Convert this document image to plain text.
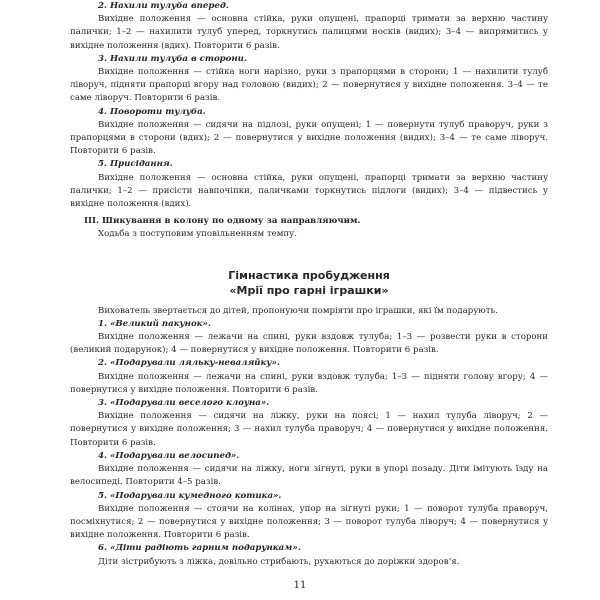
2. Нахили тулуба вперед.

Вихідне положення — основна стійка, руки опущені, прапорці тримати за верхню частину палички; 1–2 — нахилити тулуб уперед, торкнутись палицями носків (видих); 3–4 — випрямитись у вихідне положення (вдих). Повторити 6 разів.

3. Нахили тулуба в сторони.

Вихідне положення — стійка ноги нарізно, руки з прапорцями в сторони; 1 — нахилити тулуб ліворуч, підняти прапорці вгору над головою (видих); 2 — повернутися у вихідне положення. 3–4 — те саме ліворуч. Повторити 6 разів.

4. Повороти тулуба.

Вихідне положення — сидячи на підлозі, руки опущені; 1 — повернути тулуб праворуч, руки з прапорцями в сторони (вдих); 2 — повернутися у вихідне положення (видих); 3–4 — те саме ліворуч. Повторити 6 разів.

5. Присідання.

Вихідне положення — основна стійка, руки опущені, прапорці тримати за верхню частину палички; 1–2 — присісти навпочіпки, паличками торкнутись підлоги (видих); 3–4 — підвестись у вихідне положення (вдих).

III. Шикування в колону по одному за направляючим.

Ходьба з поступовим уповільненням темпу.

Гімнастика пробудження

«Мрії про гарні іграшки»

Вихователь звертається до дітей, пропонуючи помріяти про іграшки, які їм подарують.

1. «Великий пакунок».

Вихідне положення — лежачи на спині, руки вздовж тулуба; 1–3 — розвести руки в сторони (великий подарунок); 4 — повернутися у вихідне положення. Повторити 6 разів.

2. «Подарували ляльку-неваляйку».

Вихідне положення — лежачи на спині, руки вздовж тулуба; 1–3 — підняти голову вгору; 4 — повернутися у вихідне положення. Повторити 6 разів.

3. «Подарували веселого клоуна».

Вихідне положення — сидячи на ліжку, руки на поясі; 1 — нахил тулуба ліворуч; 2 — повернутися у вихідне положення; 3 — нахил тулуба праворуч; 4 — повернутися у вихідне положення. Повторити 6 разів.

4. «Подарували велосипед».

Вихідне положення — сидячи на ліжку, ноги зігнуті, руки в упорі позаду. Діти імітують їзду на велосипеді. Повторити 4–5 разів.

5. «Подарували кумедного котика».

Вихідне положення — стоячи на колінах, упор на зігнуті руки; 1 — поворот тулуба праворуч, посміхнутися; 2 — повернутися у вихідне положення; 3 — поворот тулуба ліворуч; 4 — повернутися у вихідне положення. Повторити 6 разів.

6. «Діти радіють гарним подарункам».

Діти зістрибують з ліжка, довільно стрибають, рухаються до доріжки здоров’я.

11
